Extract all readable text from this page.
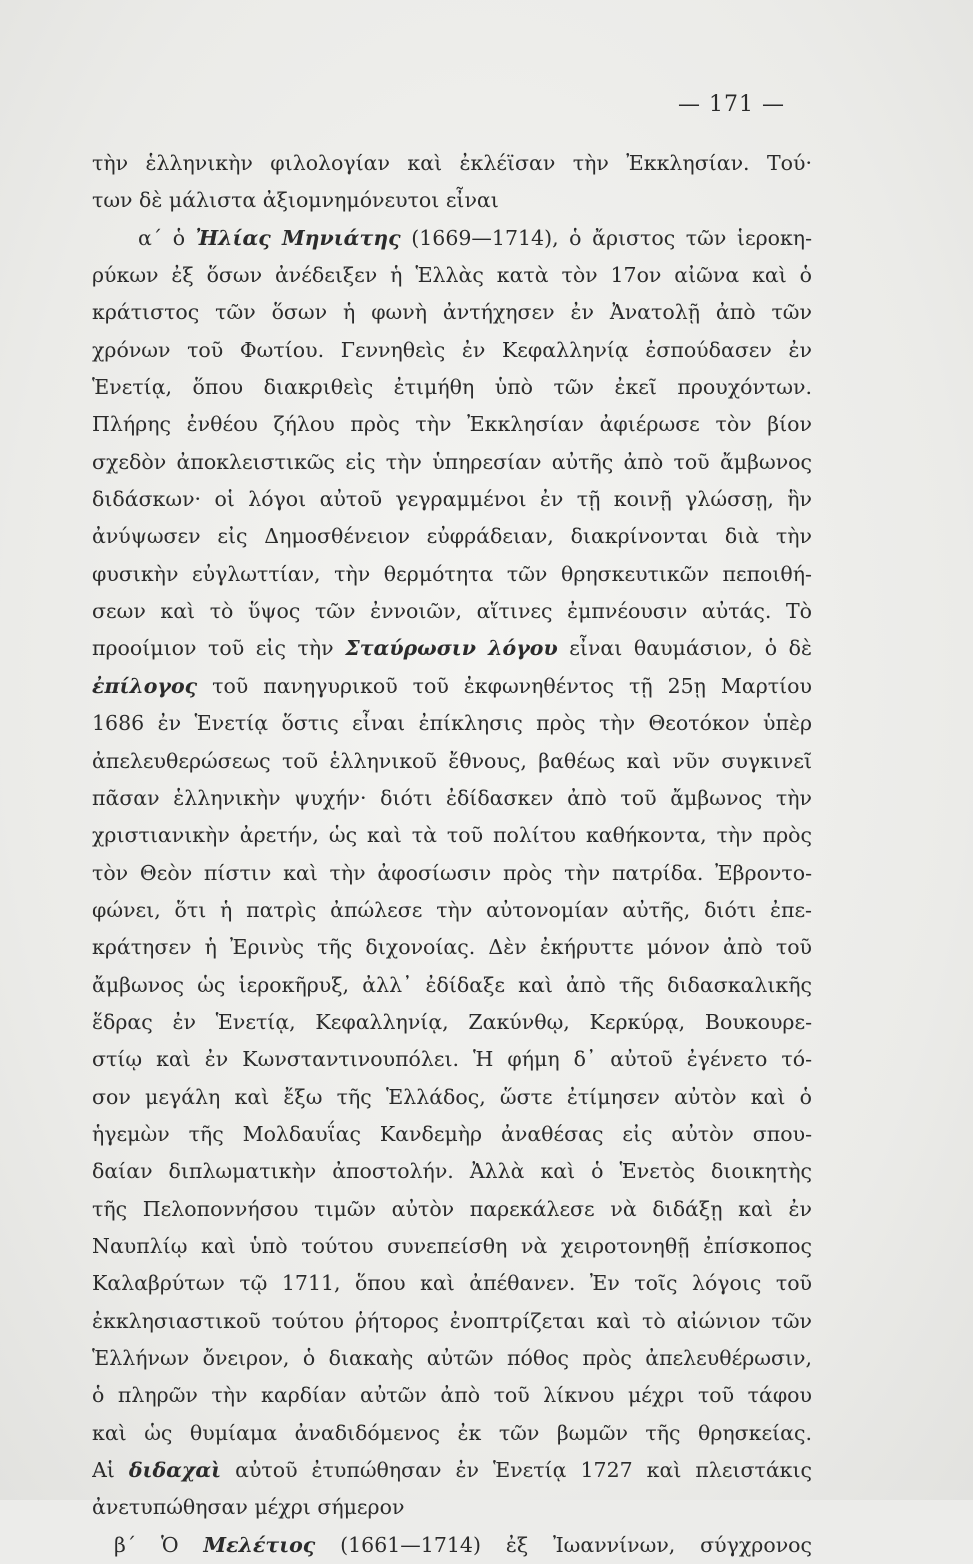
— 171 —
τὴν ἑλληνικὴν φιλολογίαν καὶ ἐκλέϊσαν τὴν Ἐκκλησίαν. Τού·
των δὲ μάλιστα ἀξιομνημόνευτοι εἶναι
α΄ ὁ Ἠλίας Μηνιάτης (1669—1714), ὁ ἄριστος τῶν ἱεροκη-
ρύκων ἐξ ὅσων ἀνέδειξεν ἡ Ἑλλὰς κατὰ τὸν 17ον αἰῶνα καὶ ὁ
κράτιστος τῶν ὅσων ἡ φωνὴ ἀντήχησεν ἐν Ἀνατολῇ ἀπὸ τῶν
χρόνων τοῦ Φωτίου. Γεννηθεὶς ἐν Κεφαλληνίᾳ ἐσπούδασεν ἐν
Ἑνετίᾳ, ὅπου διακριθεὶς ἐτιμήθη ὑπὸ τῶν ἐκεῖ προυχόντων.
Πλήρης ἐνθέου ζήλου πρὸς τὴν Ἐκκλησίαν ἀφιέρωσε τὸν βίον
σχεδὸν ἀποκλειστικῶς εἰς τὴν ὑπηρεσίαν αὐτῆς ἀπὸ τοῦ ἄμβωνος
διδάσκων· οἱ λόγοι αὐτοῦ γεγραμμένοι ἐν τῇ κοινῇ γλώσσῃ, ἣν
ἀνύψωσεν εἰς Δημοσθένειον εὐφράδειαν, διακρίνονται διὰ τὴν
φυσικὴν εὐγλωττίαν, τὴν θερμότητα τῶν θρησκευτικῶν πεποιθή-
σεων καὶ τὸ ὕψος τῶν ἐννοιῶν, αἵτινες ἐμπνέουσιν αὐτάς. Τὸ
προοίμιον τοῦ εἰς τὴν Σταύρωσιν λόγου εἶναι θαυμάσιον, ὁ δὲ
ἐπίλογος τοῦ πανηγυρικοῦ τοῦ ἐκφωνηθέντος τῇ 25ῃ Μαρτίου
1686 ἐν Ἑνετίᾳ ὅστις εἶναι ἐπίκλησις πρὸς τὴν Θεοτόκον ὑπὲρ
ἀπελευθερώσεως τοῦ ἑλληνικοῦ ἔθνους, βαθέως καὶ νῦν συγκινεῖ
πᾶσαν ἑλληνικὴν ψυχήν· διότι ἐδίδασκεν ἀπὸ τοῦ ἄμβωνος τὴν
χριστιανικὴν ἀρετήν, ὡς καὶ τὰ τοῦ πολίτου καθήκοντα, τὴν πρὸς
τὸν Θεὸν πίστιν καὶ τὴν ἀφοσίωσιν πρὸς τὴν πατρίδα. Ἐβροντο-
φώνει, ὅτι ἡ πατρὶς ἀπώλεσε τὴν αὐτονομίαν αὐτῆς, διότι ἐπε-
κράτησεν ἡ Ἐρινὺς τῆς διχονοίας. Δὲν ἐκήρυττε μόνον ἀπὸ τοῦ
ἄμβωνος ὡς ἱεροκῆρυξ, ἀλλ᾽ ἐδίδαξε καὶ ἀπὸ τῆς διδασκαλικῆς
ἕδρας ἐν Ἑνετίᾳ, Κεφαλληνίᾳ, Ζακύνθῳ, Κερκύρᾳ, Βουκουρε-
στίῳ καὶ ἐν Κωνσταντινουπόλει. Ἡ φήμη δ᾽ αὐτοῦ ἐγένετο τό-
σον μεγάλη καὶ ἔξω τῆς Ἑλλάδος, ὥστε ἐτίμησεν αὐτὸν καὶ ὁ
ἡγεμὼν τῆς Μολδαυΐας Κανδεμὴρ ἀναθέσας εἰς αὐτὸν σπου-
δαίαν διπλωματικὴν ἀποστολήν. Ἀλλὰ καὶ ὁ Ἑνετὸς διοικητὴς
τῆς Πελοποννήσου τιμῶν αὐτὸν παρεκάλεσε νὰ διδάξῃ καὶ ἐν
Ναυπλίῳ καὶ ὑπὸ τούτου συνεπείσθη νὰ χειροτονηθῇ ἐπίσκοπος
Καλαβρύτων τῷ 1711, ὅπου καὶ ἀπέθανεν. Ἐν τοῖς λόγοις τοῦ
ἐκκλησιαστικοῦ τούτου ῥήτορος ἐνοπτρίζεται καὶ τὸ αἰώνιον τῶν
Ἑλλήνων ὄνειρον, ὁ διακαὴς αὐτῶν πόθος πρὸς ἀπελευθέρωσιν,
ὁ πληρῶν τὴν καρδίαν αὐτῶν ἀπὸ τοῦ λίκνου μέχρι τοῦ τάφου
καὶ ὡς θυμίαμα ἀναδιδόμενος ἐκ τῶν βωμῶν τῆς θρησκείας.
Αἱ διδαχαὶ αὐτοῦ ἐτυπώθησαν ἐν Ἑνετίᾳ 1727 καὶ πλειστάκις
ἀνετυπώθησαν μέχρι σήμερον
β΄ Ὁ Μελέτιος (1661—1714) ἐξ Ἰωαννίνων, σύγχρονος
